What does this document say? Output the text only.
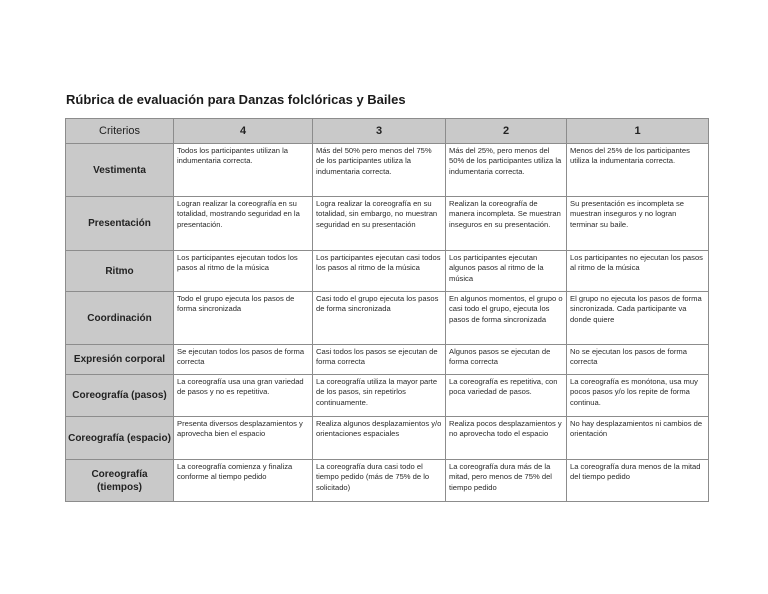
Rúbrica de evaluación para Danzas folclóricas y Bailes
Criterios	4	3	2	1
Vestimenta	Todos los participantes utilizan la indumentaria correcta.	Más del 50% pero menos del 75% de los participantes utiliza la indumentaria correcta.	Más del 25%, pero menos del 50% de los participantes utiliza la indumentaria correcta.	Menos del 25% de los participantes utiliza la indumentaria correcta.
Presentación	Logran realizar la coreografía en su totalidad, mostrando seguridad en la presentación.	Logra realizar la coreografía en su totalidad, sin embargo, no muestran seguridad en su presentación	Realizan la coreografía de manera incompleta. Se muestran inseguros en su presentación.	Su presentación es incompleta se muestran inseguros y no logran terminar su baile.
Ritmo	Los participantes ejecutan todos los pasos al ritmo de la música	Los participantes ejecutan casi todos los pasos al ritmo de la música	Los participantes ejecutan algunos pasos al ritmo de la música	Los participantes no ejecutan los pasos al ritmo de la música
Coordinación	Todo el grupo ejecuta los pasos de forma sincronizada	Casi todo el grupo ejecuta los pasos de forma sincronizada	En algunos momentos, el grupo o casi todo el grupo, ejecuta los pasos de forma sincronizada	El grupo no ejecuta los pasos de forma sincronizada. Cada participante va donde quiere
Expresión corporal	Se ejecutan todos los pasos de forma correcta	Casi todos los pasos se ejecutan de forma correcta	Algunos pasos se ejecutan de forma correcta	No se ejecutan los pasos de forma correcta
Coreografía (pasos)	La coreografía usa una gran variedad de pasos y no es repetitiva.	La coreografía utiliza la mayor parte de los pasos, sin repetirlos continuamente.	La coreografía es repetitiva, con poca variedad de pasos.	La coreografía es monótona, usa muy pocos pasos y/o los repite de forma continua.
Coreografía (espacio)	Presenta diversos desplazamientos y aprovecha bien el espacio	Realiza algunos desplazamientos y/o orientaciones espaciales	Realiza pocos desplazamientos y no aprovecha todo el espacio	No hay desplazamientos ni cambios de orientación
Coreografía (tiempos)	La coreografía comienza y finaliza conforme al tiempo pedido	La coreografía dura casi todo el tiempo pedido (más de 75% de lo solicitado)	La coreografía dura más de la mitad, pero menos de 75% del tiempo pedido	La coreografía dura menos de la mitad del tiempo pedido
